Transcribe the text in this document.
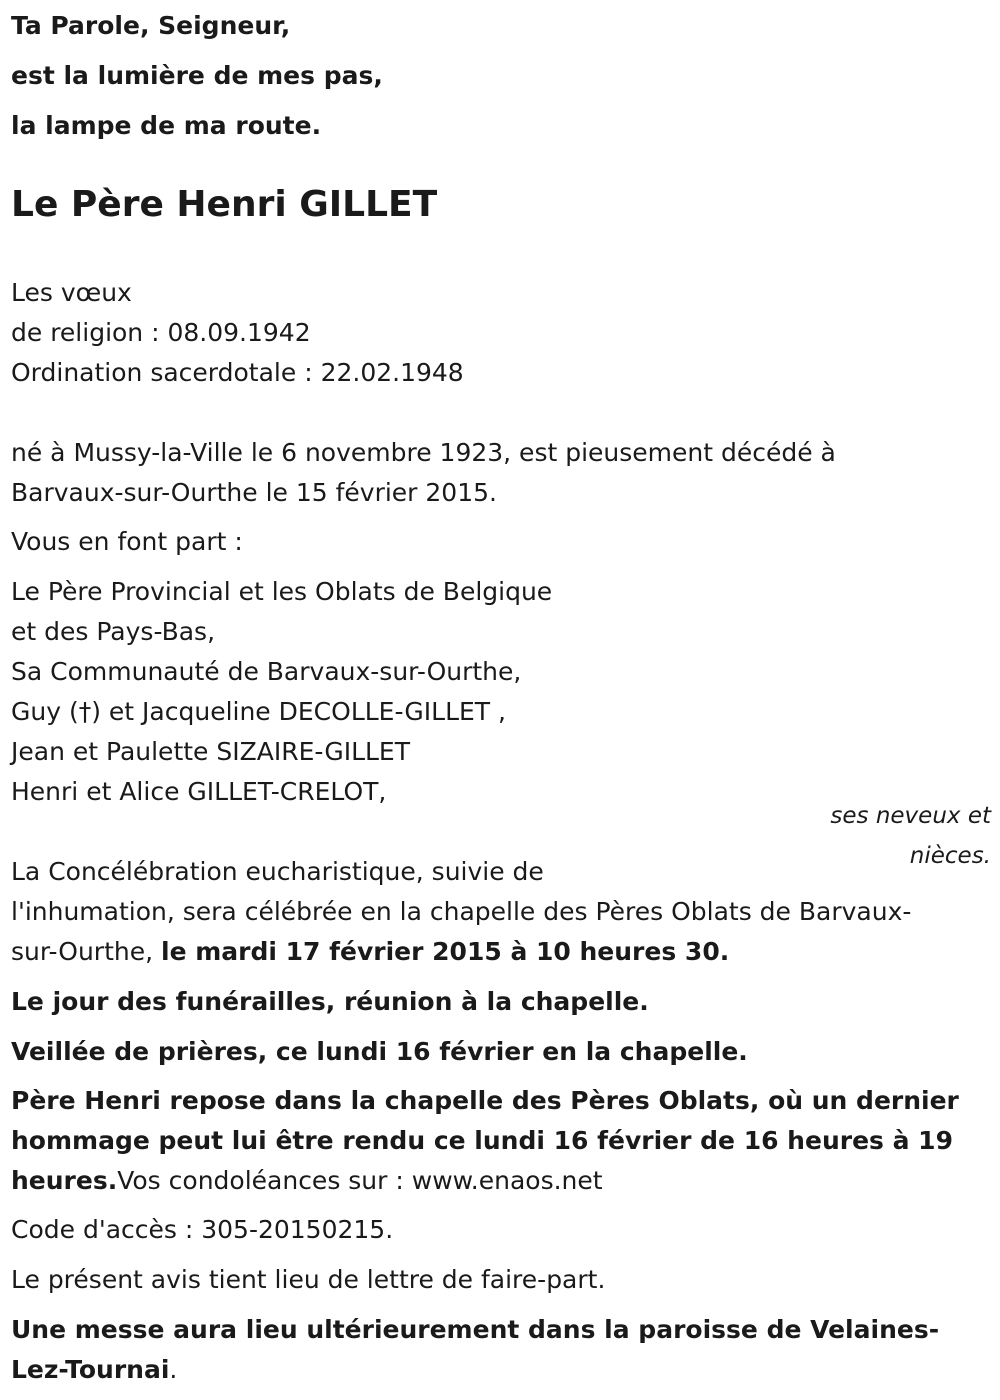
Ta Parole, Seigneur,
est la lumière de mes pas,
la lampe de ma route.
Le Père Henri GILLET
Les vœux
de religion : 08.09.1942
Ordination sacerdotale : 22.02.1948
né à Mussy-la-Ville le 6 novembre 1923, est pieusement décédé à
Barvaux-sur-Ourthe le 15 février 2015.
Vous en font part :
Le Père Provincial et les Oblats de Belgique
et des Pays-Bas,
Sa Communauté de Barvaux-sur-Ourthe,
Guy (†) et Jacqueline DECOLLE-GILLET ,
Jean et Paulette SIZAIRE-GILLET
Henri et Alice GILLET-CRELOT,
ses neveux et nièces.
La Concélébration eucharistique, suivie de
l'inhumation, sera célébrée en la chapelle des Pères Oblats de Barvaux-
sur-Ourthe, le mardi 17 février 2015 à 10 heures 30.
Le jour des funérailles, réunion à la chapelle.
Veillée de prières, ce lundi 16 février en la chapelle.
Père Henri repose dans la chapelle des Pères Oblats, où un dernier
hommage peut lui être rendu ce lundi 16 février de 16 heures à 19
heures.Vos condoléances sur : www.enaos.net
Code d'accès : 305-20150215.
Le présent avis tient lieu de lettre de faire-part.
Une messe aura lieu ultérieurement dans la paroisse de Velaines-
Lez-Tournai.
